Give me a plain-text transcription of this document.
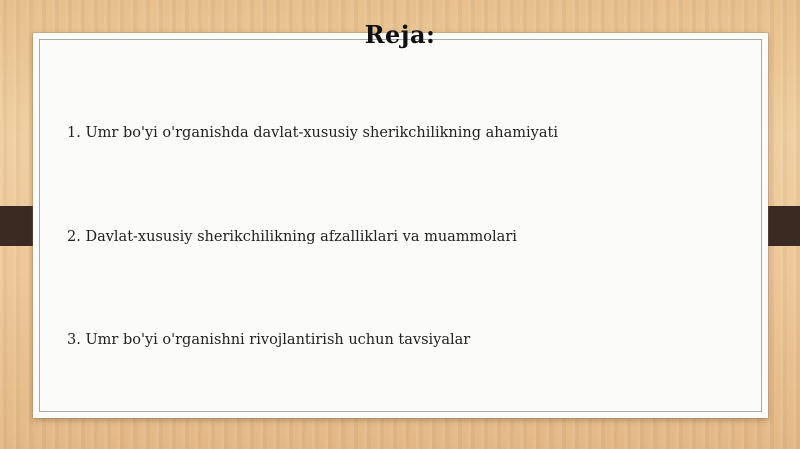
Reja:
1. Umr bo'yi o'rganishda davlat-xususiy sherikchilikning ahamiyati
2. Davlat-xususiy sherikchilikning afzalliklari va muammolari
3. Umr bo'yi o'rganishni rivojlantirish uchun tavsiyalar
